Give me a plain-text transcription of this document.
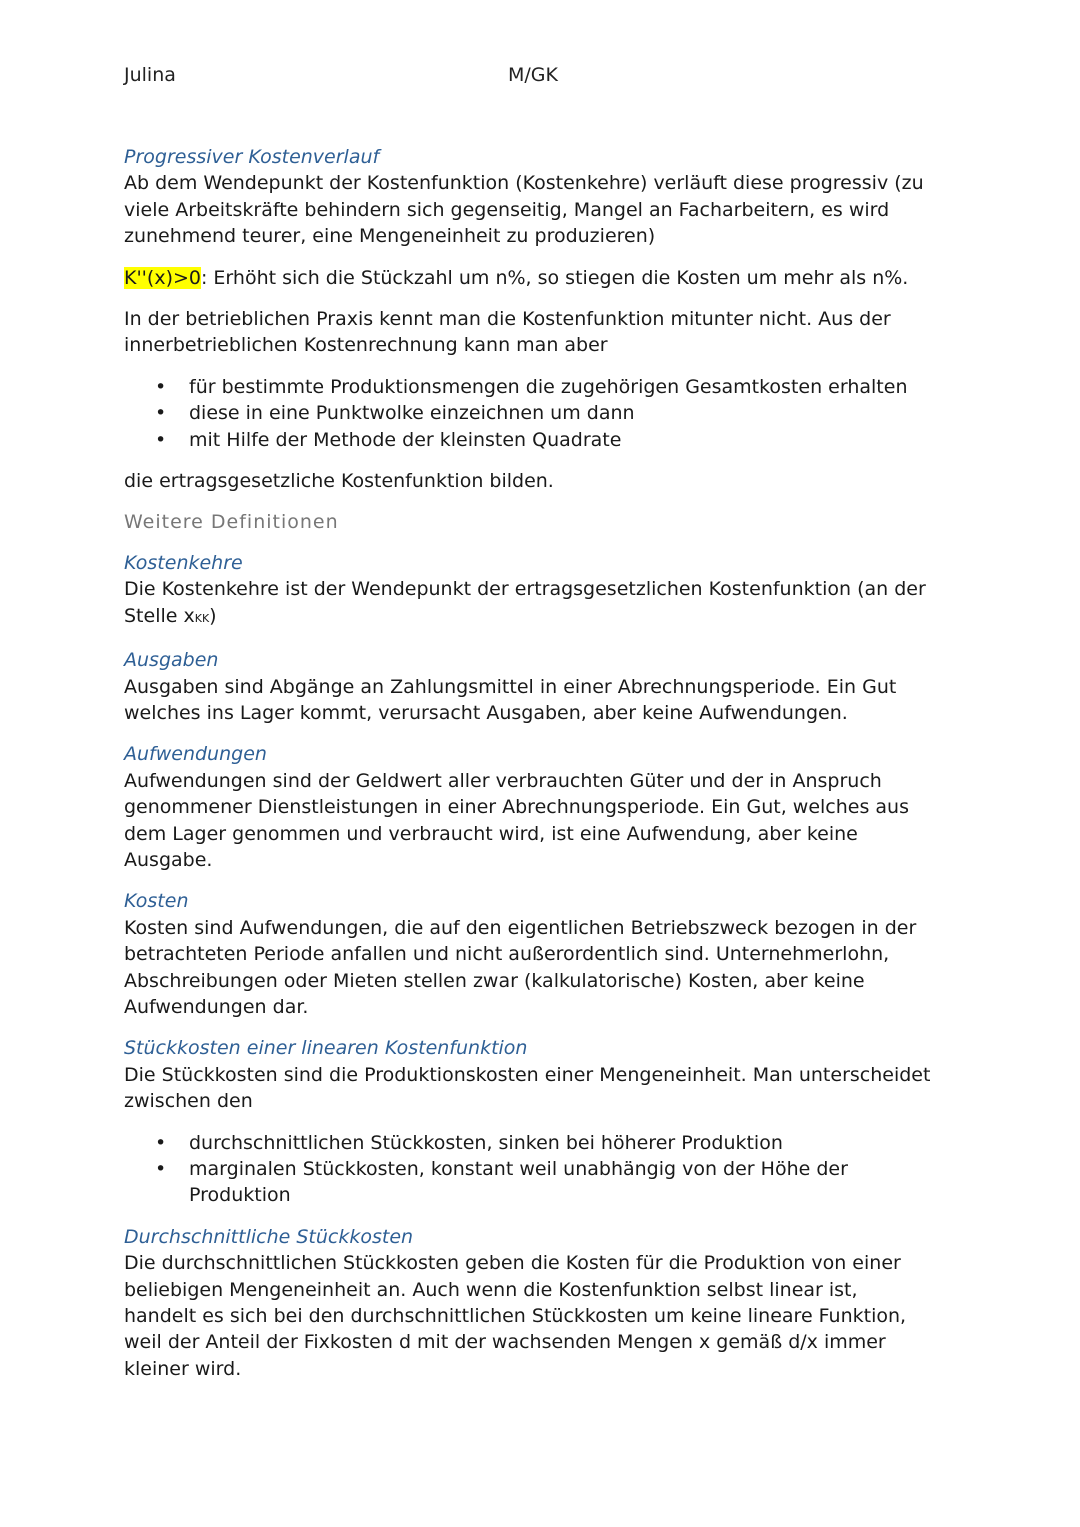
Julina	M/GK

Progressiver Kostenverlauf

Ab dem Wendepunkt der Kostenfunktion (Kostenkehre) verläuft diese progressiv (zu viele Arbeitskräfte behindern sich gegenseitig, Mangel an Facharbeitern, es wird zunehmend teurer, eine Mengeneinheit zu produzieren)

K''(x)>0: Erhöht sich die Stückzahl um n%, so stiegen die Kosten um mehr als n%.

In der betrieblichen Praxis kennt man die Kostenfunktion mitunter nicht. Aus der innerbetrieblichen Kostenrechnung kann man aber

• für bestimmte Produktionsmengen die zugehörigen Gesamtkosten erhalten
• diese in eine Punktwolke einzeichnen um dann
• mit Hilfe der Methode der kleinsten Quadrate

die ertragsgesetzliche Kostenfunktion bilden.

Weitere Definitionen

Kostenkehre

Die Kostenkehre ist der Wendepunkt der ertragsgesetzlichen Kostenfunktion (an der Stelle xKK)

Ausgaben

Ausgaben sind Abgänge an Zahlungsmittel in einer Abrechnungsperiode. Ein Gut welches ins Lager kommt, verursacht Ausgaben, aber keine Aufwendungen.

Aufwendungen

Aufwendungen sind der Geldwert aller verbrauchten Güter und der in Anspruch genommener Dienstleistungen in einer Abrechnungsperiode. Ein Gut, welches aus dem Lager genommen und verbraucht wird, ist eine Aufwendung, aber keine Ausgabe.

Kosten

Kosten sind Aufwendungen, die auf den eigentlichen Betriebszweck bezogen in der betrachteten Periode anfallen und nicht außerordentlich sind. Unternehmerlohn, Abschreibungen oder Mieten stellen zwar (kalkulatorische) Kosten, aber keine Aufwendungen dar.

Stückkosten einer linearen Kostenfunktion

Die Stückkosten sind die Produktionskosten einer Mengeneinheit. Man unterscheidet zwischen den

• durchschnittlichen Stückkosten, sinken bei höherer Produktion
• marginalen Stückkosten, konstant weil unabhängig von der Höhe der Produktion

Durchschnittliche Stückkosten

Die durchschnittlichen Stückkosten geben die Kosten für die Produktion von einer beliebigen Mengeneinheit an. Auch wenn die Kostenfunktion selbst linear ist, handelt es sich bei den durchschnittlichen Stückkosten um keine lineare Funktion, weil der Anteil der Fixkosten d mit der wachsenden Mengen x gemäß d/x immer kleiner wird.
